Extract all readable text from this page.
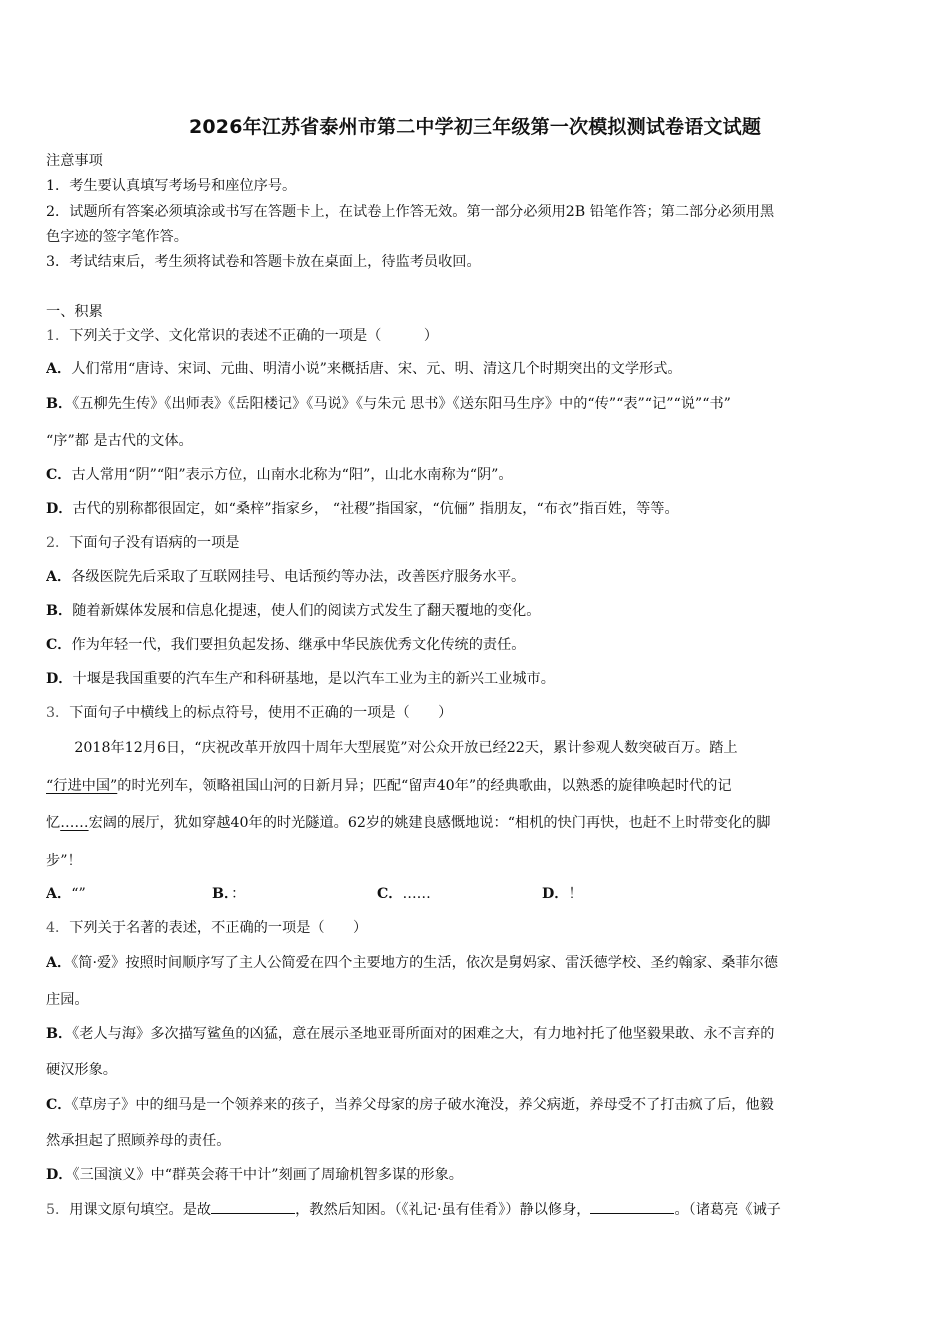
2026年江苏省泰州市第二中学初三年级第一次模拟测试卷语文试题
注意事项
1．考生要认真填写考场号和座位序号。
2．试题所有答案必须填涂或书写在答题卡上，在试卷上作答无效。第一部分必须用2B 铅笔作答；第二部分必须用黑
色字迹的签字笔作答。
3．考试结束后，考生须将试卷和答题卡放在桌面上，待监考员收回。
一、积累
1．下列关于文学、文化常识的表述不正确的一项是（　　　）
A．人们常用“唐诗、宋词、元曲、明清小说”来概括唐、宋、元、明、清这几个时期突出的文学形式。
B．《五柳先生传》《出师表》《岳阳楼记》《马说》《与朱元 思书》《送东阳马生序》中的“传”“表”“记”“说”“书”
“序”都 是古代的文体。
C．古人常用“阴”“阳”表示方位，山南水北称为“阳”，山北水南称为“阴”。
D．古代的别称都很固定，如“桑梓”指家乡， “社稷”指国家，“伉俪” 指朋友，“布衣”指百姓，等等。
2．下面句子没有语病的一项是
A．各级医院先后采取了互联网挂号、电话预约等办法，改善医疗服务水平。
B．随着新媒体发展和信息化提速，使人们的阅读方式发生了翻天覆地的变化。
C．作为年轻一代，我们要担负起发扬、继承中华民族优秀文化传统的责任。
D．十堰是我国重要的汽车生产和科研基地，是以汽车工业为主的新兴工业城市。
3．下面句子中横线上的标点符号，使用不正确的一项是（　　）
　　2018年12月6日，“庆祝改革开放四十周年大型展览”对公众开放已经22天，累计参观人数突破百万。踏上
“行进中国”的时光列车，领略祖国山河的日新月异；匹配“留声40年”的经典歌曲，以熟悉的旋律唤起时代的记
忆……宏阔的展厅，犹如穿越40年的时光隧道。62岁的姚建良感慨地说：“相机的快门再快，也赶不上时带变化的脚
步”！
A．“”	B．：	C．……	D．！
4．下列关于名著的表述，不正确的一项是（　　）
A．《简·爱》按照时间顺序写了主人公简爱在四个主要地方的生活，依次是舅妈家、雷沃德学校、圣约翰家、桑菲尔德
庄园。
B．《老人与海》多次描写鲨鱼的凶猛，意在展示圣地亚哥所面对的困难之大，有力地衬托了他坚毅果敢、永不言弃的
硬汉形象。
C．《草房子》中的细马是一个领养来的孩子，当养父母家的房子破水淹没，养父病逝，养母受不了打击疯了后，他毅
然承担起了照顾养母的责任。
D．《三国演义》中“群英会蒋干中计”刻画了周瑜机智多谋的形象。
5．用课文原句填空。是故	，教然后知困。（《礼记·虽有佳肴》）静以修身，	。（诸葛亮《诫子
